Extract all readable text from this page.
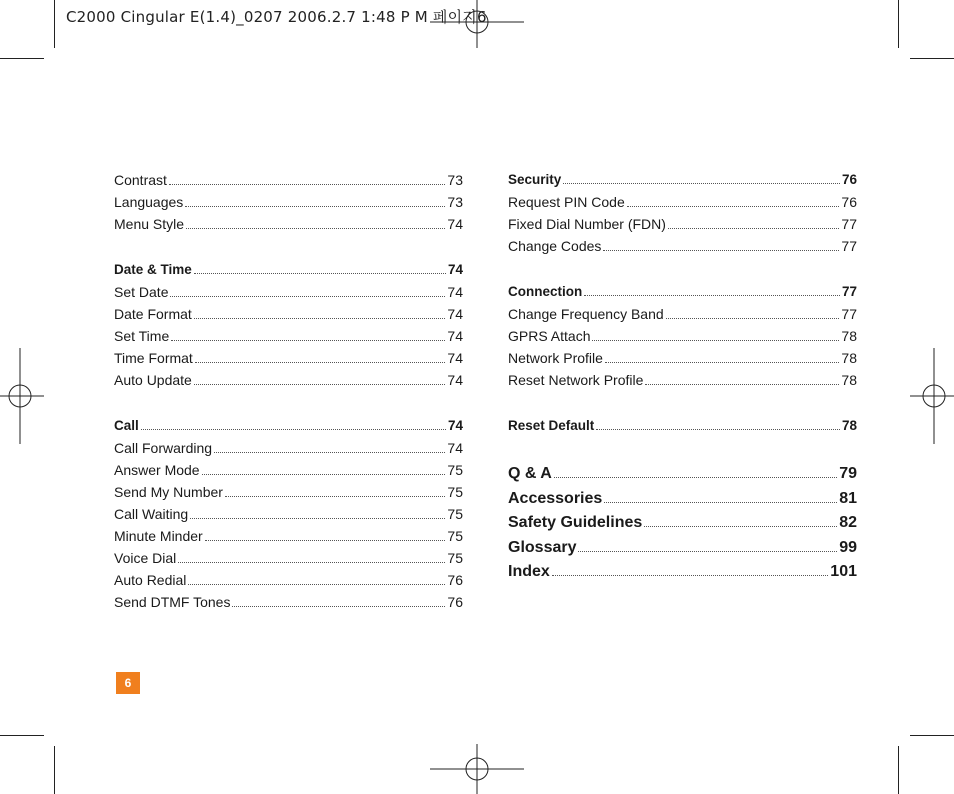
C2000 Cingular E(1.4)_0207 2006.2.7 1:48 P M 페이지6
Contrast	73
Languages	73
Menu Style	74
Date & Time	74
Set Date	74
Date Format	74
Set Time	74
Time Format	74
Auto Update	74
Call	74
Call Forwarding	74
Answer Mode	75
Send My Number	75
Call Waiting	75
Minute Minder	75
Voice Dial	75
Auto Redial	76
Send DTMF Tones	76
Security	76
Request PIN Code	76
Fixed Dial Number (FDN)	77
Change Codes	77
Connection	77
Change Frequency Band	77
GPRS Attach	78
Network Profile	78
Reset Network Profile	78
Reset Default	78
Q & A	79
Accessories	81
Safety Guidelines	82
Glossary	99
Index	101
6
